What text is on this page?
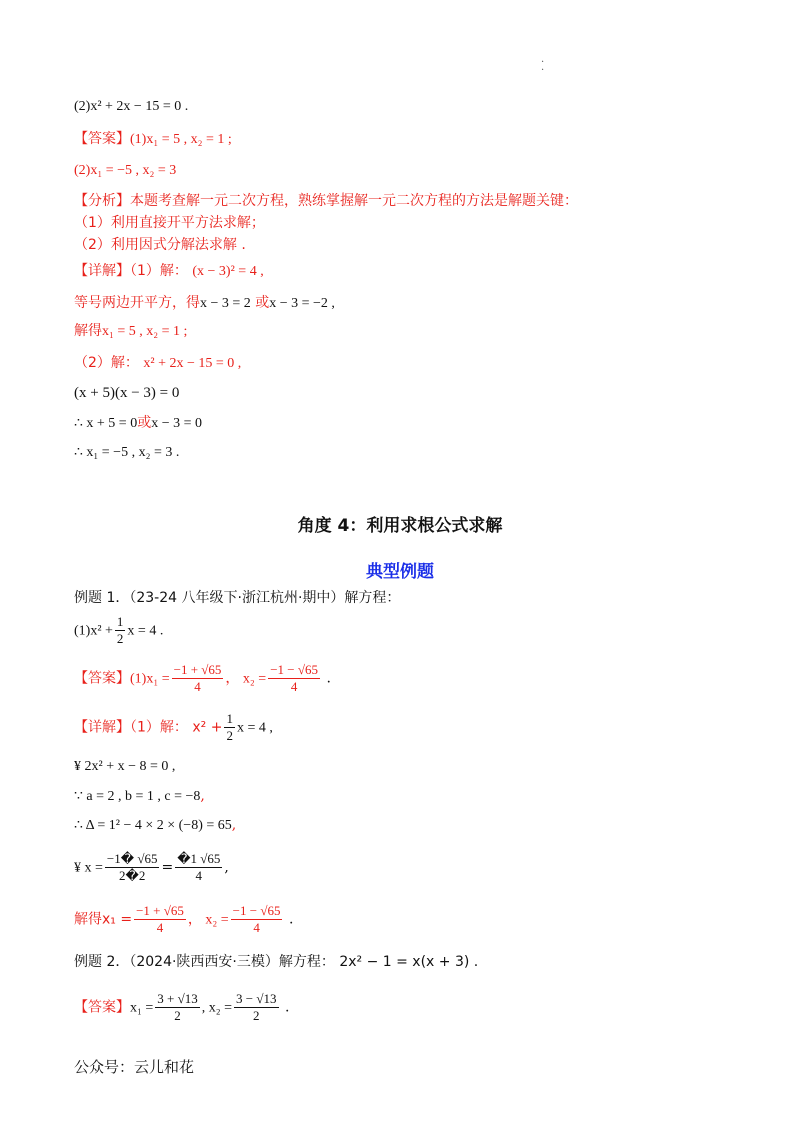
.
.
(2)x² + 2x − 15 = 0 .
【答案】(1)x₁ = 5 , x₂ = 1 ;
(2)x₁ = −5 , x₂ = 3
【分析】本题考查解一元二次方程，熟练掌握解一元二次方程的方法是解题关键：
（1）利用直接开平方法求解；
（2）利用因式分解法求解 .
【详解】（1）解： (x − 3)² = 4 ,
等号两边开平方，得x − 3 = 2 或x − 3 = −2 ,
解得x₁ = 5 , x₂ = 1 ;
（2）解： x² + 2x − 15 = 0 ,
(x + 5)(x − 3) = 0
∴ x + 5 = 0或x − 3 = 0
∴ x₁ = −5 , x₂ = 3 .
角度 4：利用求根公式求解
典型例题
例题 1．（23-24 八年级下·浙江杭州·期中）解方程：
$(1)x^2 + \frac{1}{2}$ x = 4 .
【答案】$(1)x_1 = \frac{-1 + √65}{4}$ ， $x_2 = \frac{-1 - √65}{4}$ .
【详解】（1）解： $x^2 + \frac{1}{2}$ x = 4 ,
¥ 2x² + x − 8 = 0 ,
∵ a = 2 , b = 1 , c = −8,
∴ Δ = 1² − 4 × 2 × (−8) = 65,
¥ $x = \frac{-1� √65}{2�2} = \frac{�1 √65}{4}$ ,
解得$x_1 = \frac{-1 + √65}{4}$ ， $x_2 = \frac{-1 - √65}{4}$ .
例题 2．（2024·陕西西安·三模）解方程： 2x² − 1 = x(x + 3) .
【答案】$x_1 = \frac{3 + √13}{2}$ , $x_2 = \frac{3 - √13}{2}$ .
公众号：云儿和花
